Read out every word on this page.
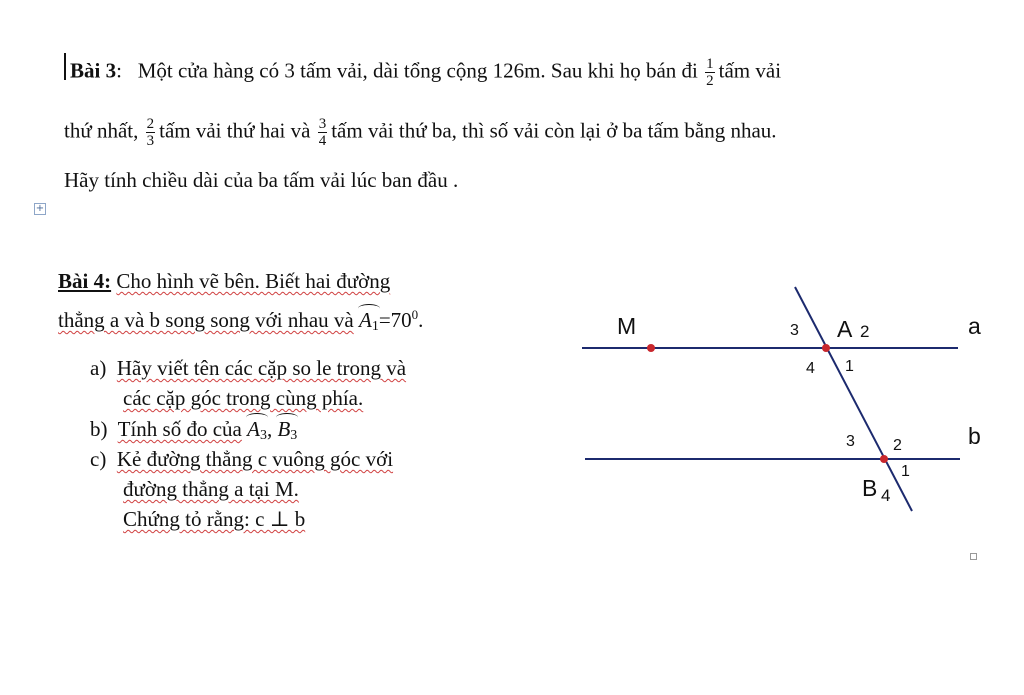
Bài 3:   Một cửa hàng có 3 tấm vải, dài tổng cộng 126m. Sau khi họ bán đi $\frac{1}{2}$ tấm vải
thứ nhất, $\frac{2}{3}$ tấm vải thứ hai và $\frac{3}{4}$ tấm vải thứ ba, thì số vải còn lại ở ba tấm bằng nhau.
Hãy tính chiều dài của ba tấm vải lúc ban đầu .
+
Bài 4: Cho hình vẽ bên. Biết hai đường
thẳng a và b song song với nhau và $A_1=70^0$.
a) Hãy viết tên các cặp so le trong và
các cặp góc trong cùng phía.
b) Tính số đo của $A_3$, $B_3$
c) Kẻ đường thẳng c vuông góc với
đường thẳng a tại M.
Chứng tỏ rằng: c ⊥ b
M	a
b
A 2
3
4 1
3 2
1
B 4
